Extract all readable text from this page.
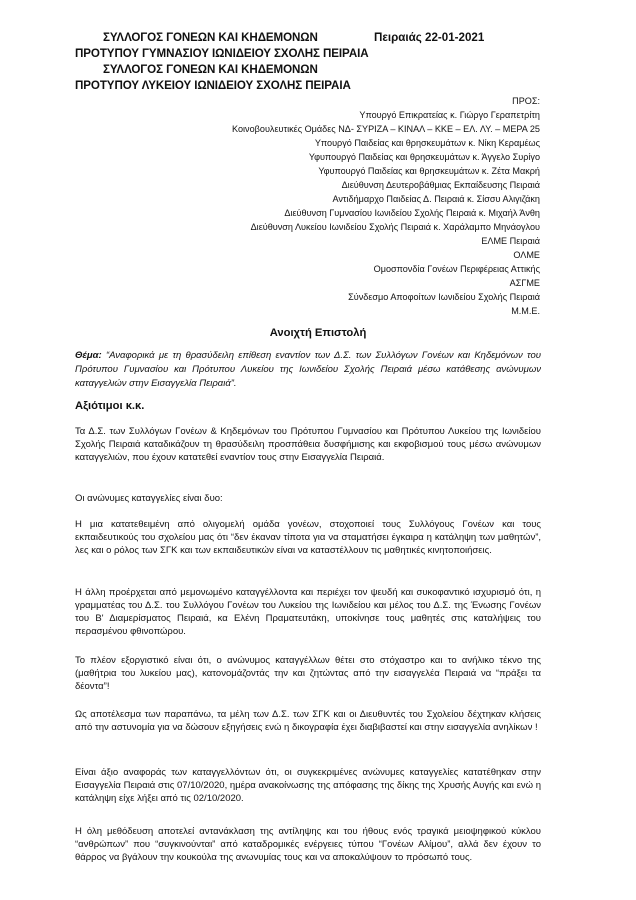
ΣΥΛΛΟΓΟΣ ΓΟΝΕΩΝ ΚΑΙ ΚΗΔΕΜΟΝΩΝ
ΠΡΟΤΥΠΟΥ ΓΥΜΝΑΣΙΟΥ ΙΩΝΙΔΕΙΟΥ ΣΧΟΛΗΣ ΠΕΙΡΑΙΑ
ΣΥΛΛΟΓΟΣ ΓΟΝΕΩΝ ΚΑΙ ΚΗΔΕΜΟΝΩΝ
ΠΡΟΤΥΠΟΥ ΛΥΚΕΙΟΥ ΙΩΝΙΔΕΙΟΥ ΣΧΟΛΗΣ ΠΕΙΡΑΙΑ
Πειραιάς 22-01-2021
ΠΡΟΣ:
Υπουργό Επικρατείας κ. Γιώργο Γεραπετρίτη
Κοινοβουλευτικές Ομάδες ΝΔ- ΣΥΡΙΖΑ – ΚΙΝΑΛ – ΚΚΕ – ΕΛ. ΛΥ. – ΜΕΡΑ 25
Υπουργό Παιδείας και θρησκευμάτων κ. Νίκη Κεραμέως
Υφυπουργό Παιδείας και θρησκευμάτων κ. Άγγελο Συρίγο
Υφυπουργό Παιδείας και θρησκευμάτων κ. Ζέτα Μακρή
Διεύθυνση Δευτεροβάθμιας Εκπαίδευσης Πειραιά
Αντιδήμαρχο Παιδείας Δ. Πειραιά κ. Σίσσυ Αλιγιζάκη
Διεύθυνση Γυμνασίου Ιωνιδείου Σχολής Πειραιά κ. Μιχαήλ Άνθη
Διεύθυνση Λυκείου Ιωνιδείου Σχολής Πειραιά κ. Χαράλαμπο Μηνάογλου
ΕΛΜΕ Πειραιά
ΟΛΜΕ
Ομοσπονδία Γονέων Περιφέρειας Αττικής
ΑΣΓΜΕ
Σύνδεσμο Αποφοίτων Ιωνιδείου Σχολής Πειραιά
Ανοιχτή Επιστολή
Θέμα: “Αναφορικά με τη θρασύδειλη επίθεση εναντίον των Δ.Σ. των Συλλόγων Γονέων και Κηδεμόνων του Πρότυπου Γυμνασίου και Πρότυπου Λυκείου της Ιωνιδείου Σχολής Πειραιά μέσω κατάθεσης ανώνυμων καταγγελιών στην Εισαγγελία Πειραιά”.
Αξιότιμοι κ.κ.
Τα Δ.Σ. των Συλλόγων Γονέων & Κηδεμόνων του Πρότυπου Γυμνασίου και Πρότυπου Λυκείου της Ιωνιδείου Σχολής Πειραιά καταδικάζουν τη θρασύδειλη προσπάθεια δυσφήμισης και εκφοβισμού τους μέσω ανώνυμων καταγγελιών, που έχουν κατατεθεί εναντίον τους στην Εισαγγελία Πειραιά.
Οι ανώνυμες καταγγελίες είναι δυο:
Η μια κατατεθειμένη από ολιγομελή ομάδα γονέων, στοχοποιεί τους Συλλόγους Γονέων και τους εκπαιδευτικούς του σχολείου μας ότι “δεν έκαναν τίποτα για να σταματήσει έγκαιρα η κατάληψη των μαθητών”, λες και ο ρόλος των ΣΓΚ και των εκπαιδευτικών είναι να καταστέλλουν τις μαθητικές κινητοποιήσεις.
Η άλλη προέρχεται από μεμονωμένο καταγγέλλοντα και περιέχει τον ψευδή και συκοφαντικό ισχυρισμό ότι, η γραμματέας του Δ.Σ. του Συλλόγου Γονέων του Λυκείου της Ιωνιδείου και μέλος του Δ.Σ. της Ένωσης Γονέων του Β' Διαμερίσματος Πειραιά, κα Ελένη Πραματευτάκη, υποκίνησε τους μαθητές στις καταλήψεις του περασμένου φθινοπώρου.
Το πλέον εξοργιστικό είναι ότι, ο ανώνυμος καταγγέλλων θέτει στο στόχαστρο και το ανήλικο τέκνο της (μαθήτρια του λυκείου μας), κατονομάζοντάς την και ζητώντας από την εισαγγελέα Πειραιά να “πράξει τα δέοντα”!
Ως αποτέλεσμα των παραπάνω, τα μέλη των Δ.Σ. των ΣΓΚ και οι Διευθυντές του Σχολείου δέχτηκαν κλήσεις από την αστυνομία για να δώσουν εξηγήσεις ενώ η δικογραφία έχει διαβιβαστεί και στην εισαγγελία ανηλίκων !
Είναι άξιο αναφοράς των καταγγελλόντων ότι, οι συγκεκριμένες ανώνυμες καταγγελίες κατατέθηκαν στην Εισαγγελία Πειραιά στις 07/10/2020, ημέρα ανακοίνωσης της απόφασης της δίκης της Χρυσής Αυγής και ενώ η κατάληψη είχε λήξει από τις 02/10/2020.
Η όλη μεθόδευση αποτελεί αντανάκλαση της αντίληψης και του ήθους ενός τραγικά μειοψηφικού κύκλου “ανθρώπων” που “συγκινούνται” από καταδρομικές ενέργειες τύπου “Γονέων Αλίμου”, αλλά δεν έχουν το θάρρος να βγάλουν την κουκούλα της ανωνυμίας τους και να αποκαλύψουν το πρόσωπό τους.
Μ.Μ.Ε.
